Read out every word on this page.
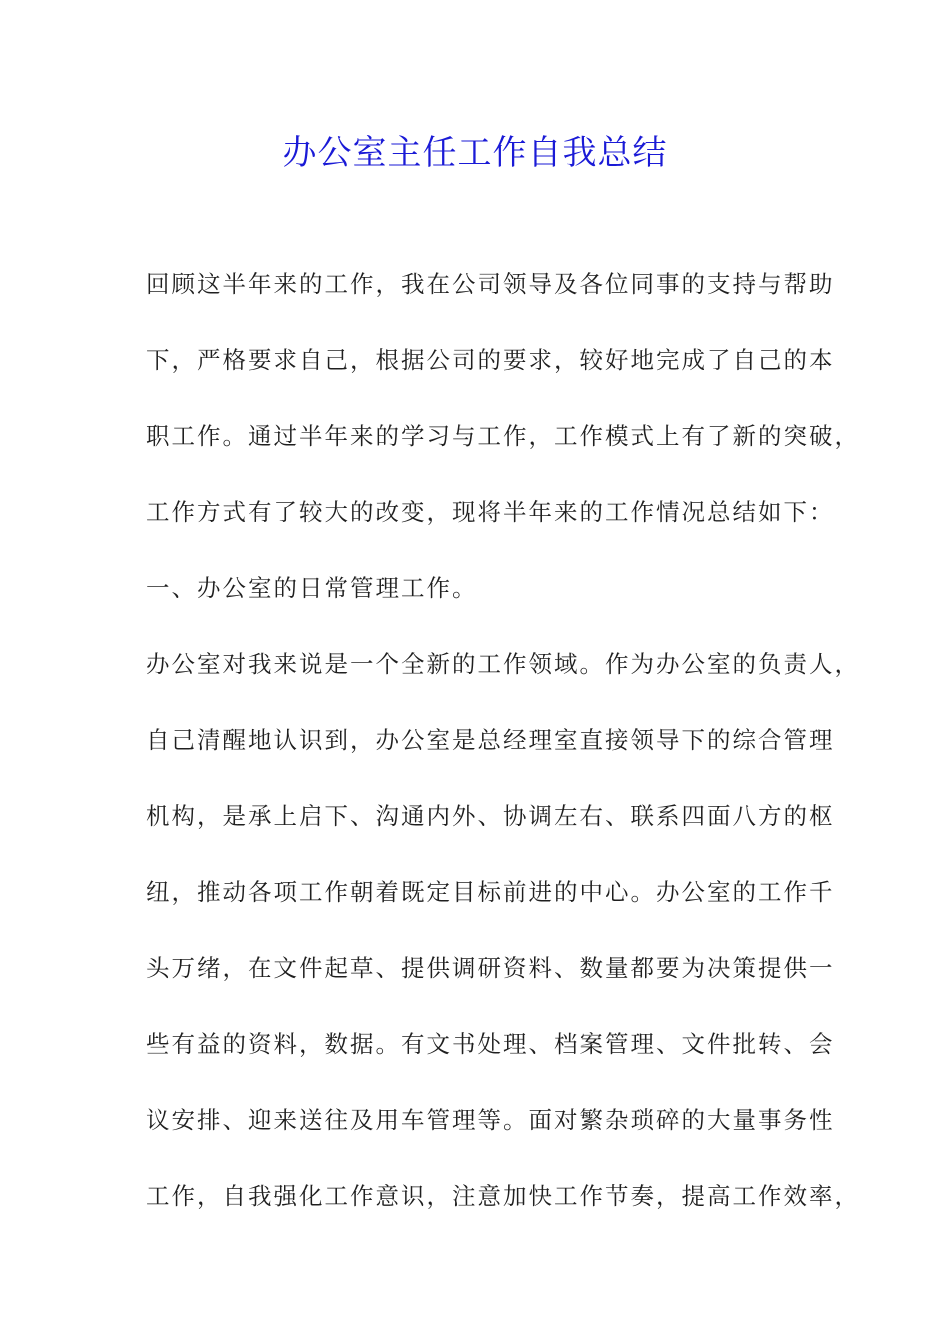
办公室主任工作自我总结
回顾这半年来的工作，我在公司领导及各位同事的支持与帮助
下，严格要求自己，根据公司的要求，较好地完成了自己的本
职工作。通过半年来的学习与工作，工作模式上有了新的突破，
工作方式有了较大的改变，现将半年来的工作情况总结如下：
一、办公室的日常管理工作。
办公室对我来说是一个全新的工作领域。作为办公室的负责人，
自己清醒地认识到，办公室是总经理室直接领导下的综合管理
机构，是承上启下、沟通内外、协调左右、联系四面八方的枢
纽，推动各项工作朝着既定目标前进的中心。办公室的工作千
头万绪，在文件起草、提供调研资料、数量都要为决策提供一
些有益的资料，数据。有文书处理、档案管理、文件批转、会
议安排、迎来送往及用车管理等。面对繁杂琐碎的大量事务性
工作，自我强化工作意识，注意加快工作节奏，提高工作效率，
